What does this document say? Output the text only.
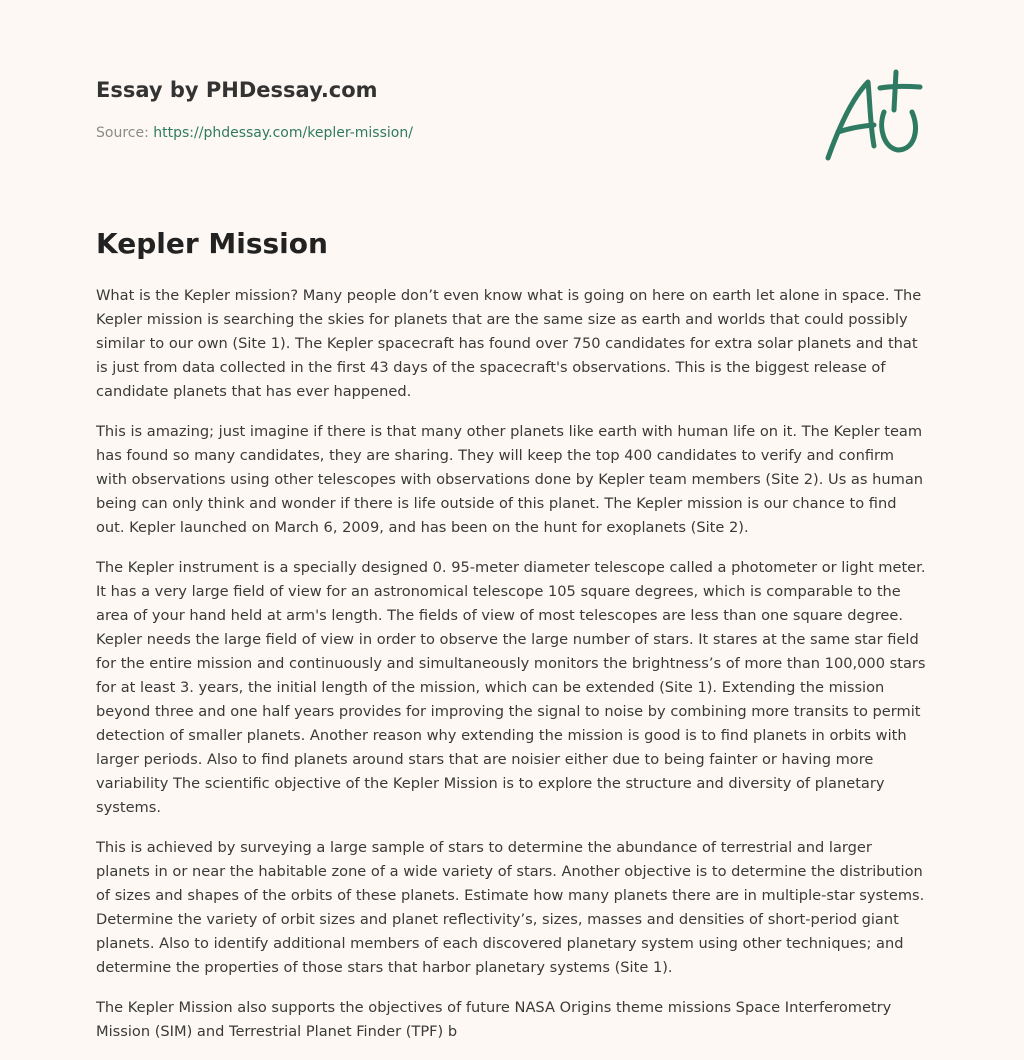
Essay by PHDessay.com
Source: https://phdessay.com/kepler-mission/
Kepler Mission

What is the Kepler mission? Many people don’t even know what is going on here on earth let alone in space. The Kepler mission is searching the skies for planets that are the same size as earth and worlds that could possibly similar to our own (Site 1). The Kepler spacecraft has found over 750 candidates for extra solar planets and that is just from data collected in the first 43 days of the spacecraft's observations. This is the biggest release of candidate planets that has ever happened.

This is amazing; just imagine if there is that many other planets like earth with human life on it. The Kepler team has found so many candidates, they are sharing. They will keep the top 400 candidates to verify and confirm with observations using other telescopes with observations done by Kepler team members (Site 2). Us as human being can only think and wonder if there is life outside of this planet. The Kepler mission is our chance to find out. Kepler launched on March 6, 2009, and has been on the hunt for exoplanets (Site 2).

The Kepler instrument is a specially designed 0. 95-meter diameter telescope called a photometer or light meter. It has a very large field of view for an astronomical telescope 105 square degrees, which is comparable to the area of your hand held at arm's length. The fields of view of most telescopes are less than one square degree. Kepler needs the large field of view in order to observe the large number of stars. It stares at the same star field for the entire mission and continuously and simultaneously monitors the brightness’s of more than 100,000 stars for at least 3. years, the initial length of the mission, which can be extended (Site 1). Extending the mission beyond three and one half years provides for improving the signal to noise by combining more transits to permit detection of smaller planets. Another reason why extending the mission is good is to find planets in orbits with larger periods. Also to find planets around stars that are noisier either due to being fainter or having more variability The scientific objective of the Kepler Mission is to explore the structure and diversity of planetary systems.

This is achieved by surveying a large sample of stars to determine the abundance of terrestrial and larger planets in or near the habitable zone of a wide variety of stars. Another objective is to determine the distribution of sizes and shapes of the orbits of these planets. Estimate how many planets there are in multiple-star systems. Determine the variety of orbit sizes and planet reflectivity’s, sizes, masses and densities of short-period giant planets. Also to identify additional members of each discovered planetary system using other techniques; and determine the properties of those stars that harbor planetary systems (Site 1).

The Kepler Mission also supports the objectives of future NASA Origins theme missions Space Interferometry Mission (SIM) and Terrestrial Planet Finder (TPF) b
